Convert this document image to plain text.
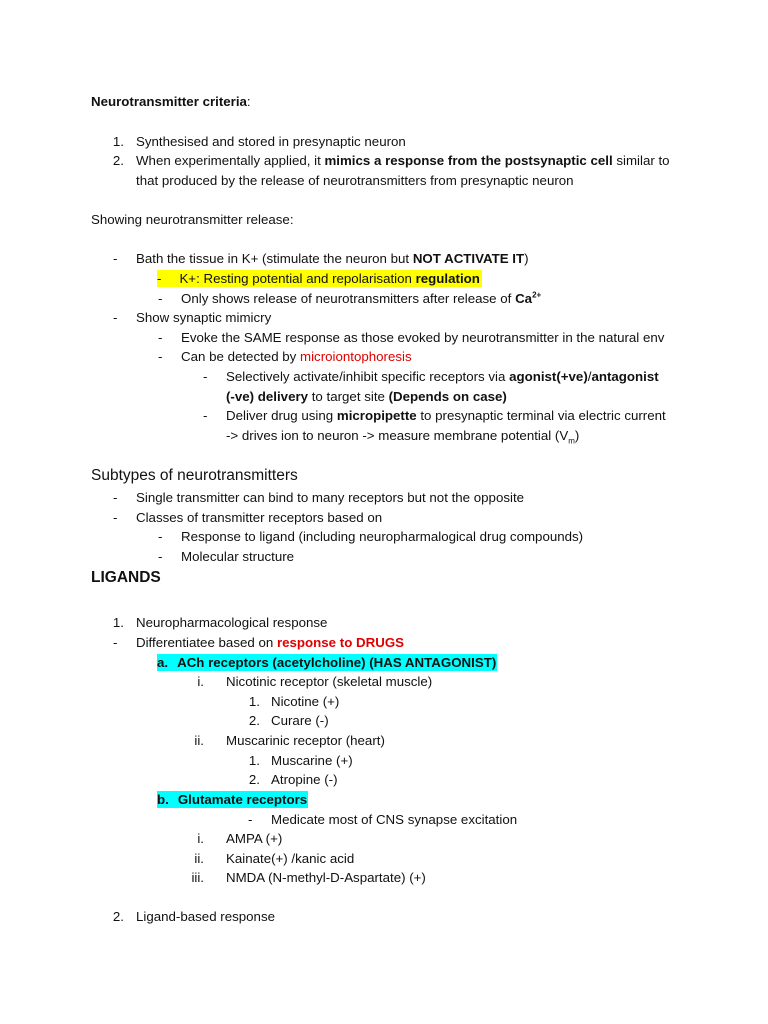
Neurotransmitter criteria:
1. Synthesised and stored in presynaptic neuron
2. When experimentally applied, it mimics a response from the postsynaptic cell similar to
that produced by the release of neurotransmitters from presynaptic neuron
Showing neurotransmitter release:
- Bath the tissue in K+ (stimulate the neuron but NOT ACTIVATE IT)
- K+: Resting potential and repolarisation regulation
- Only shows release of neurotransmitters after release of $Ca^{2+}$
- Show synaptic mimicry
- Evoke the SAME response as those evoked by neurotransmitter in the natural env
- Can be detected by microiontophoresis
- Selectively activate/inhibit specific receptors via agonist(+ve)/antagonist
(-ve) delivery to target site (Depends on case)
- Deliver drug using micropipette to presynaptic terminal via electric current
-> drives ion to neuron -> measure membrane potential $(V_m)$
Subtypes of neurotransmitters
- Single transmitter can bind to many receptors but not the opposite
- Classes of transmitter receptors based on
- Response to ligand (including neuropharmalogical drug compounds)
- Molecular structure
LIGANDS
1. Neuropharmacological response
- Differentiatee based on response to DRUGS
a. ACh receptors (acetylcholine) (HAS ANTAGONIST)
i. Nicotinic receptor (skeletal muscle)
1. Nicotine (+)
2. Curare (-)
ii. Muscarinic receptor (heart)
1. Muscarine (+)
2. Atropine (-)
b. Glutamate receptors
- Medicate most of CNS synapse excitation
i. AMPA (+)
ii. Kainate(+) /kanic acid
iii. NMDA (N-methyl-D-Aspartate) (+)
2. Ligand-based response
